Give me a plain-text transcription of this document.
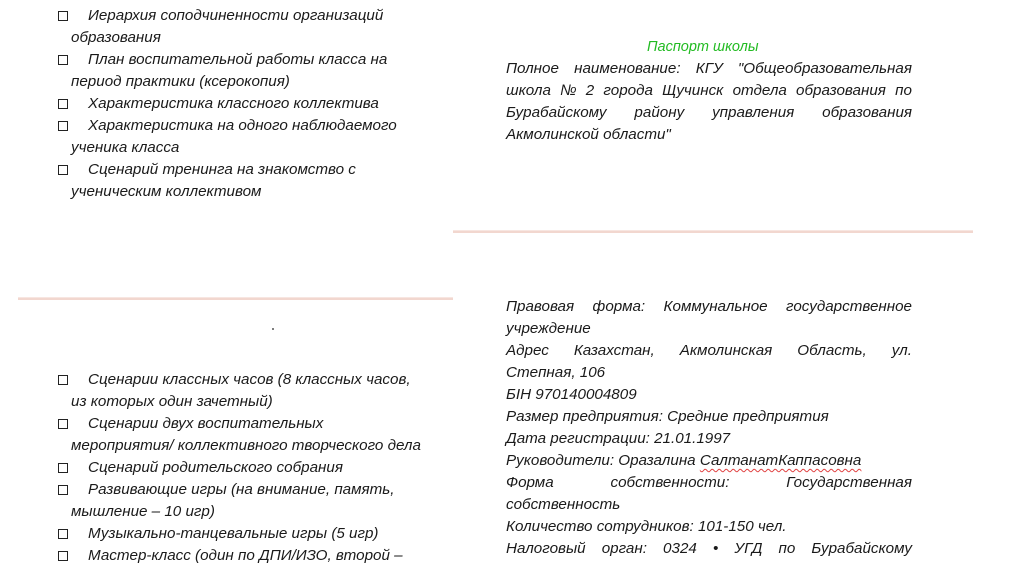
Иерархия соподчиненности организаций
образования
План воспитательной работы класса на
период практики (ксерокопия)
Характеристика классного коллектива
Характеристика на одного наблюдаемого
ученика класса
Сценарий тренинга на знакомство с
ученическим коллективом
Сценарии классных часов (8 классных часов,
из которых один зачетный)
Сценарии двух воспитательных
мероприятия/ коллективного творческого дела
Сценарий родительского собрания
Развивающие игры (на внимание, память,
мышление – 10 игр)
Музыкально-танцевальные игры (5 игр)
Мастер-класс (один по ДПИ/ИЗО, второй –
Паспорт школы
Полное наименование: КГУ "Общеобразовательная
школа № 2 города Щучинск отдела образования по
Бурабайскому району управления образования
Акмолинской области"
Правовая форма: Коммунальное государственное
учреждение
Адрес Казахстан, Акмолинская Область, ул.
Степная, 106
БIН 970140004809
Размер предприятия: Средние предприятия
Дата регистрации: 21.01.1997
Руководители: Оразалина СалтанатКаппасовна
Форма	собственности:	Государственная
собственность
Количество сотрудников: 101-150 чел.
Налоговый орган: 0324 • УГД по Бурабайскому
